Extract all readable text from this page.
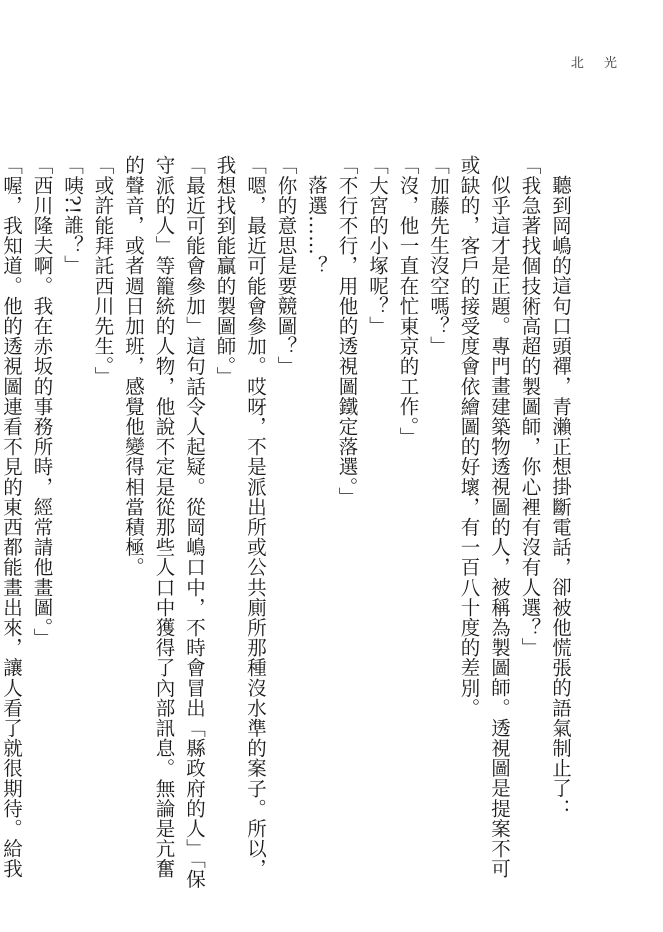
北 光

聽到岡嶋的這句口頭禪，青瀨正想掛斷電話，卻被他慌張的語氣制止了：

「我急著找個技術高超的製圖師，你心裡有沒有人選？」

似乎這才是正題。專門畫建築物透視圖的人，被稱為製圖師。透視圖是提案不可或缺的，客戶的接受度會依繪圖的好壞，有一百八十度的差別。

「加藤先生沒空嗎？」

「沒，他一直在忙東京的工作。」

「大宮的小塚呢？」

「不行不行，用他的透視圖鐵定落選。」

落選……？

「你的意思是要競圖？」

「嗯，最近可能會參加。哎呀，不是派出所或公共廁所那種沒水準的案子。所以，我想找到能贏的製圖師。」

「最近可能會參加」這句話令人起疑。從岡嶋口中，不時會冒出「縣政府的人」「保守派的人」等籠統的人物，他說不定是從那些人口中獲得了內部訊息。無論是亢奮的聲音，或者週日加班，感覺他變得相當積極。

「或許能拜託西川先生。」

「咦?!誰？」

「西川隆夫啊。我在赤坂的事務所時，經常請他畫圖。」

「喔，我知道。他的透視圖連看不見的東西都能畫出來，讓人看了就很期待。給我
